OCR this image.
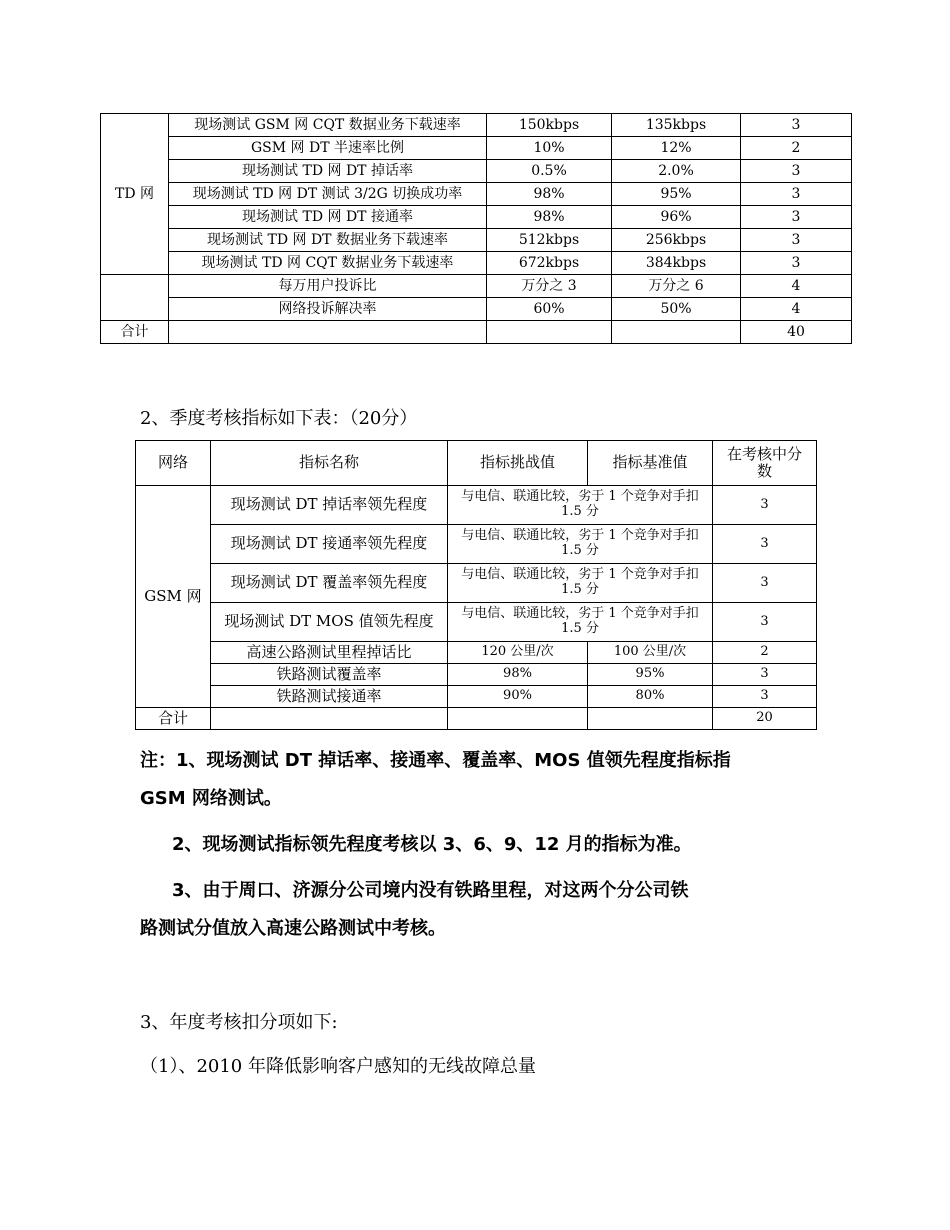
TD 网	现场测试 GSM 网 CQT 数据业务下载速率	150kbps	135kbps	3
	GSM 网 DT 半速率比例	10%	12%	2
	现场测试 TD 网 DT 掉话率	0.5%	2.0%	3
	现场测试 TD 网 DT 测试 3/2G 切换成功率	98%	95%	3
	现场测试 TD 网 DT 接通率	98%	96%	3
	现场测试 TD 网 DT 数据业务下载速率	512kbps	256kbps	3
	现场测试 TD 网 CQT 数据业务下载速率	672kbps	384kbps	3
	每万用户投诉比	万分之 3	万分之 6	4
	网络投诉解决率	60%	50%	4
合计				40
2、季度考核指标如下表：（20分）
网络	指标名称	指标挑战值	指标基准值	在考核中分数
GSM 网	现场测试 DT 掉话率领先程度	与电信、联通比较，劣于 1 个竞争对手扣 1.5 分		3
	现场测试 DT 接通率领先程度	与电信、联通比较，劣于 1 个竞争对手扣 1.5 分		3
	现场测试 DT 覆盖率领先程度	与电信、联通比较，劣于 1 个竞争对手扣 1.5 分		3
	现场测试 DT MOS 值领先程度	与电信、联通比较，劣于 1 个竞争对手扣 1.5 分		3
	高速公路测试里程掉话比	120 公里/次	100 公里/次	2
	铁路测试覆盖率	98%	95%	3
	铁路测试接通率	90%	80%	3
合计				20
注：1、现场测试 DT 掉话率、接通率、覆盖率、MOS 值领先程度指标指
GSM 网络测试。
2、现场测试指标领先程度考核以 3、6、9、12 月的指标为准。
3、由于周口、济源分公司境内没有铁路里程，对这两个分公司铁
路测试分值放入高速公路测试中考核。
3、年度考核扣分项如下:
（1）、2010 年降低影响客户感知的无线故障总量
